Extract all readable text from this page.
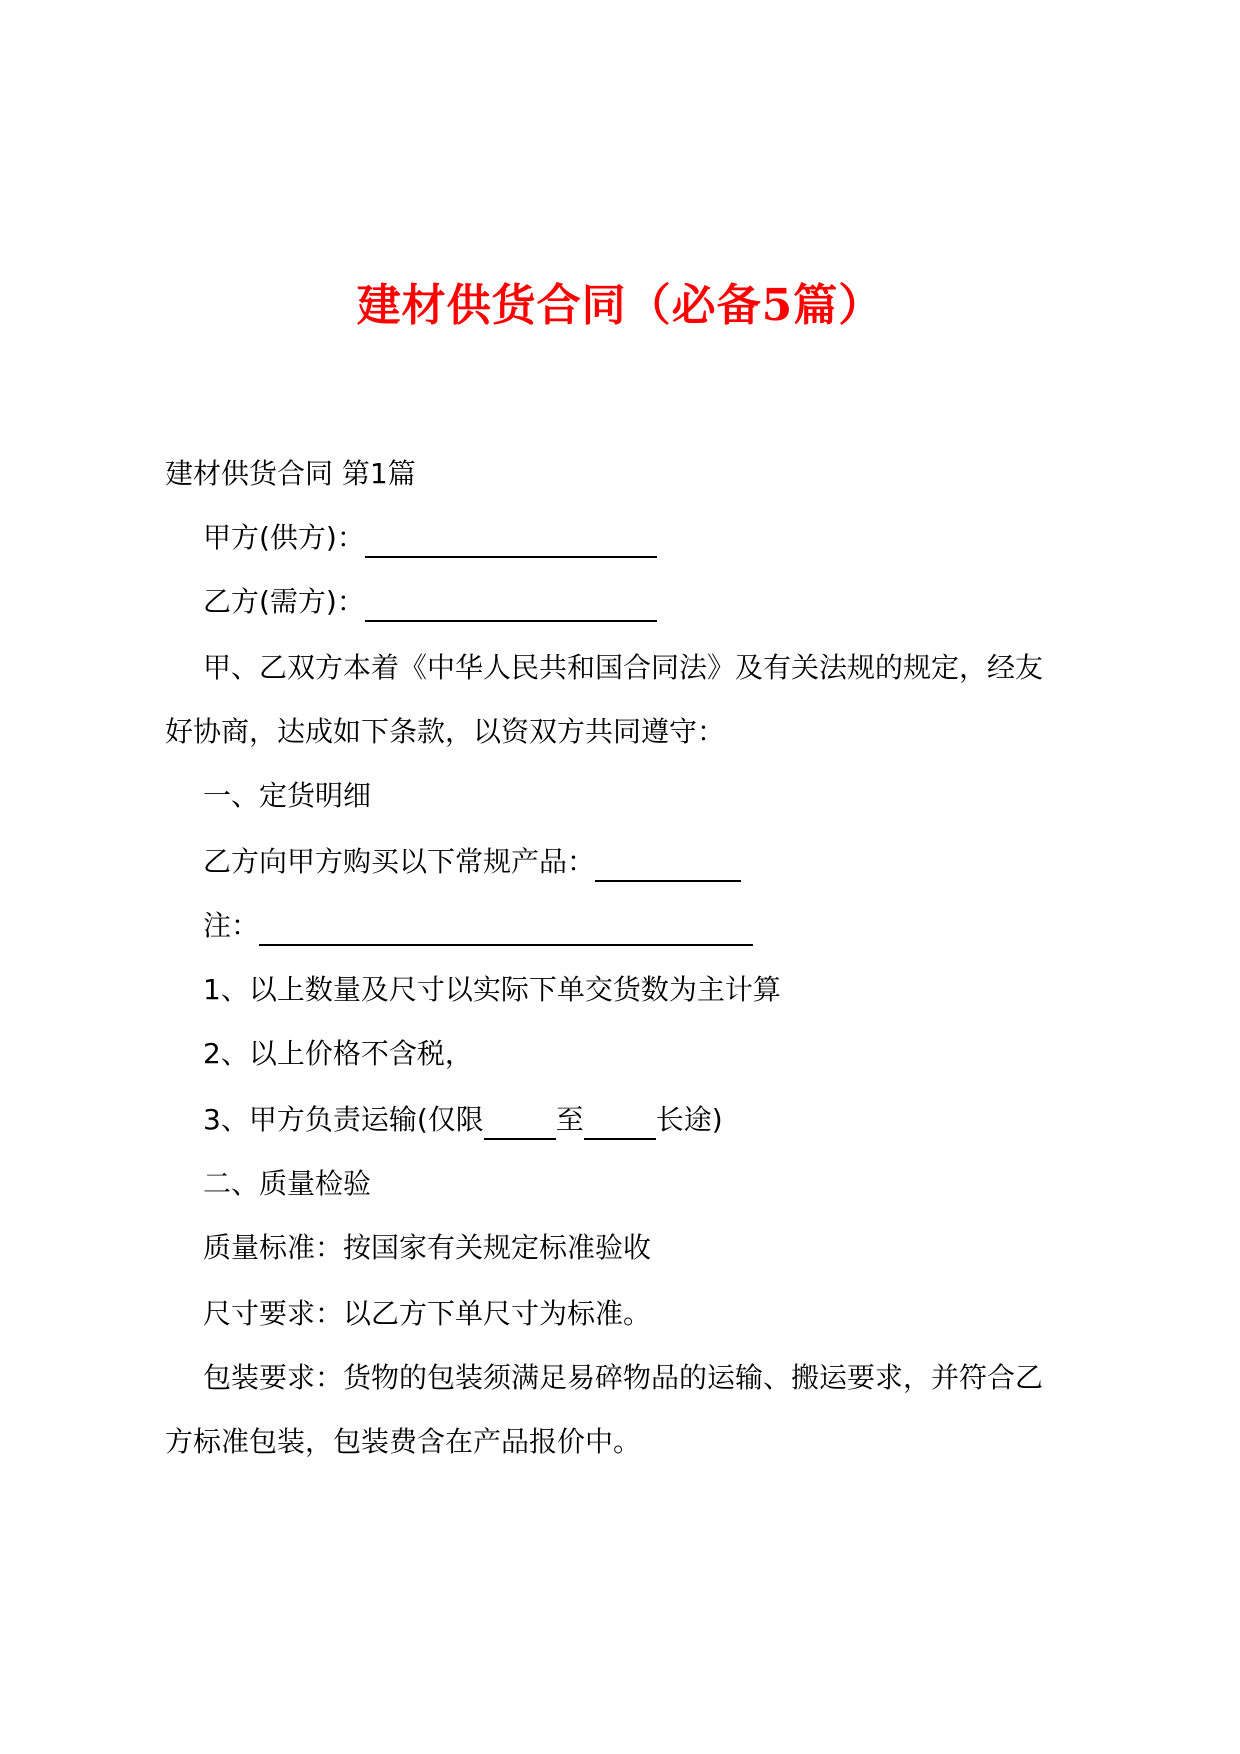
建材供货合同（必备5篇）
建材供货合同 第1篇
甲方(供方)：
乙方(需方)：
甲、乙双方本着《中华人民共和国合同法》及有关法规的规定，经友
好协商，达成如下条款，以资双方共同遵守：
一、定货明细
乙方向甲方购买以下常规产品：
注：
1、以上数量及尺寸以实际下单交货数为主计算
2、以上价格不含税，
3、甲方负责运输(仅限	至	长途)
二、质量检验
质量标准：按国家有关规定标准验收
尺寸要求：以乙方下单尺寸为标准。
包装要求：货物的包装须满足易碎物品的运输、搬运要求，并符合乙
方标准包装，包装费含在产品报价中。
